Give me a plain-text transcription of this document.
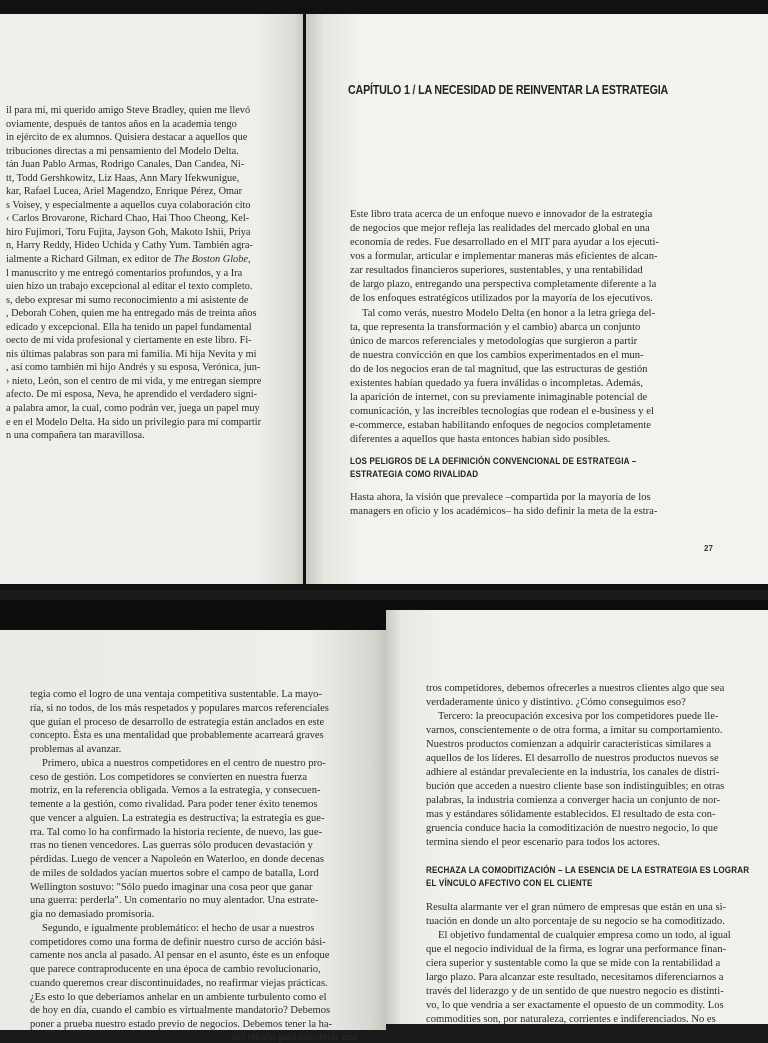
il para mí, mi querido amigo Steve Bradley, quien me llevó
oviamente, después de tantos años en la academia tengo
in ejército de ex alumnos. Quisiera destacar a aquellos que
tribuciones directas a mi pensamiento del Modelo Delta.
tán Juan Pablo Armas, Rodrigo Canales, Dan Candea, Ni-
tt, Todd Gershkowitz, Liz Haas, Ann Mary Ifekwunigue,
kar, Rafael Lucea, Ariel Magendzo, Enrique Pérez, Omar
s Voisey, y especialmente a aquellos cuya colaboración cito
‹ Carlos Brovarone, Richard Chao, Hai Thoo Cheong, Kel-
hiro Fujimori, Toru Fujita, Jayson Goh, Makoto Ishii, Priya
n, Harry Reddy, Hideo Uchida y Cathy Yum. También agra-
ialmente a Richard Gilman, ex editor de The Boston Globe,
l manuscrito y me entregó comentarios profundos, y a Ira
uien hizo un trabajo excepcional al editar el texto completo.
s, debo expresar mi sumo reconocimiento a mi asistente de
, Deborah Cohen, quien me ha entregado más de treinta años
edicado y excepcional. Ella ha tenido un papel fundamental
oecto de mi vida profesional y ciertamente en este libro. Fi-
nis últimas palabras son para mi familia. Mi hija Nevita y mi
, así como también mi hijo Andrés y su esposa, Verónica, jun-
› nieto, León, son el centro de mi vida, y me entregan siempre
afecto. De mi esposa, Neva, he aprendido el verdadero signi-
a palabra amor, la cual, como podrán ver, juega un papel muy
e en el Modelo Delta. Ha sido un privilegio para mí compartir
n una compañera tan maravillosa.
CAPÍTULO 1 / LA NECESIDAD DE REINVENTAR LA ESTRATEGIA
Este libro trata acerca de un enfoque nuevo e innovador de la estrategia
de negocios que mejor refleja las realidades del mercado global en una
economía de redes. Fue desarrollado en el MIT para ayudar a los ejecuti-
vos a formular, articular e implementar maneras más eficientes de alcan-
zar resultados financieros superiores, sustentables, y una rentabilidad
de largo plazo, entregando una perspectiva completamente diferente a la
de los enfoques estratégicos utilizados por la mayoría de los ejecutivos.
Tal como verás, nuestro Modelo Delta (en honor a la letra griega del-
ta, que representa la transformación y el cambio) abarca un conjunto
único de marcos referenciales y metodologías que surgieron a partir
de nuestra convicción en que los cambios experimentados en el mun-
do de los negocios eran de tal magnitud, que las estructuras de gestión
existentes habían quedado ya fuera inválidas o incompletas. Además,
la aparición de internet, con su previamente inimaginable potencial de
comunicación, y las increíbles tecnologías que rodean el e-business y el
e-commerce, estaban habilitando enfoques de negocios completamente
diferentes a aquellos que hasta entonces habían sido posibles.
LOS PELIGROS DE LA DEFINICIÓN CONVENCIONAL DE ESTRATEGIA –
ESTRATEGIA COMO RIVALIDAD
Hasta ahora, la visión que prevalece –compartida por la mayoría de los
managers en oficio y los académicos– ha sido definir la meta de la estra-
27
tegia como el logro de una ventaja competitiva sustentable. La mayo-
ría, si no todos, de los más respetados y populares marcos referenciales
que guían el proceso de desarrollo de estrategia están anclados en este
concepto. Ésta es una mentalidad que probablemente acarreará graves
problemas al avanzar.
Primero, ubica a nuestros competidores en el centro de nuestro pro-
ceso de gestión. Los competidores se convierten en nuestra fuerza
motriz, en la referencia obligada. Vemos a la estrategia, y consecuen-
temente a la gestión, como rivalidad. Para poder tener éxito tenemos
que vencer a alguien. La estrategia es destructiva; la estrategia es gue-
rra. Tal como lo ha confirmado la historia reciente, de nuevo, las gue-
rras no tienen vencedores. Las guerras sólo producen devastación y
pérdidas. Luego de vencer a Napoleón en Waterloo, en donde decenas
de miles de soldados yacían muertos sobre el campo de batalla, Lord
Wellington sostuvo: "Sólo puedo imaginar una cosa peor que ganar
una guerra: perderla". Un comentario no muy alentador. Una estrate-
gia no demasiado promisoria.
Segundo, e igualmente problemático: el hecho de usar a nuestros
competidores como una forma de definir nuestro curso de acción bási-
camente nos ancla al pasado. Al pensar en el asunto, éste es un enfoque
que parece contraproducente en una época de cambio revolucionario,
cuando queremos crear discontinuidades, no reafirmar viejas prácticas.
¿Es esto lo que deberíamos anhelar en un ambiente turbulento como el
de hoy en día, cuando el cambio es virtualmente mandatorio? Debemos
poner a prueba nuestro estado previo de negocios. Debemos tener la ha-
del rebaño para encontrar una
tros competidores, debemos ofrecerles a nuestros clientes algo que sea
verdaderamente único y distintivo. ¿Cómo conseguimos eso?
Tercero: la preocupación excesiva por los competidores puede lle-
varnos, conscientemente o de otra forma, a imitar su comportamiento.
Nuestros productos comienzan a adquirir características similares a
aquellos de los líderes. El desarrollo de nuestros productos nuevos se
adhiere al estándar prevaleciente en la industria, los canales de distri-
bución que acceden a nuestro cliente base son indistinguibles; en otras
palabras, la industria comienza a converger hacia un conjunto de nor-
mas y estándares sólidamente establecidos. El resultado de esta con-
gruencia conduce hacia la comoditización de nuestro negocio, lo que
termina siendo el peor escenario para todos los actores.
RECHAZA LA COMODITIZACIÓN – LA ESENCIA DE LA ESTRATEGIA ES LOGRAR
EL VÍNCULO AFECTIVO CON EL CLIENTE
Resulta alarmante ver el gran número de empresas que están en una si-
tuación en donde un alto porcentaje de su negocio se ha comoditizado.
El objetivo fundamental de cualquier empresa como un todo, al igual
que el negocio individual de la firma, es lograr una performance finan-
ciera superior y sustentable como la que se mide con la rentabilidad a
largo plazo. Para alcanzar este resultado, necesitamos diferenciarnos a
través del liderazgo y de un sentido de que nuestro negocio es distinti-
vo, lo que vendría a ser exactamente el opuesto de un commodity. Los
commodities son, por naturaleza, corrientes e indiferenciados. No es
